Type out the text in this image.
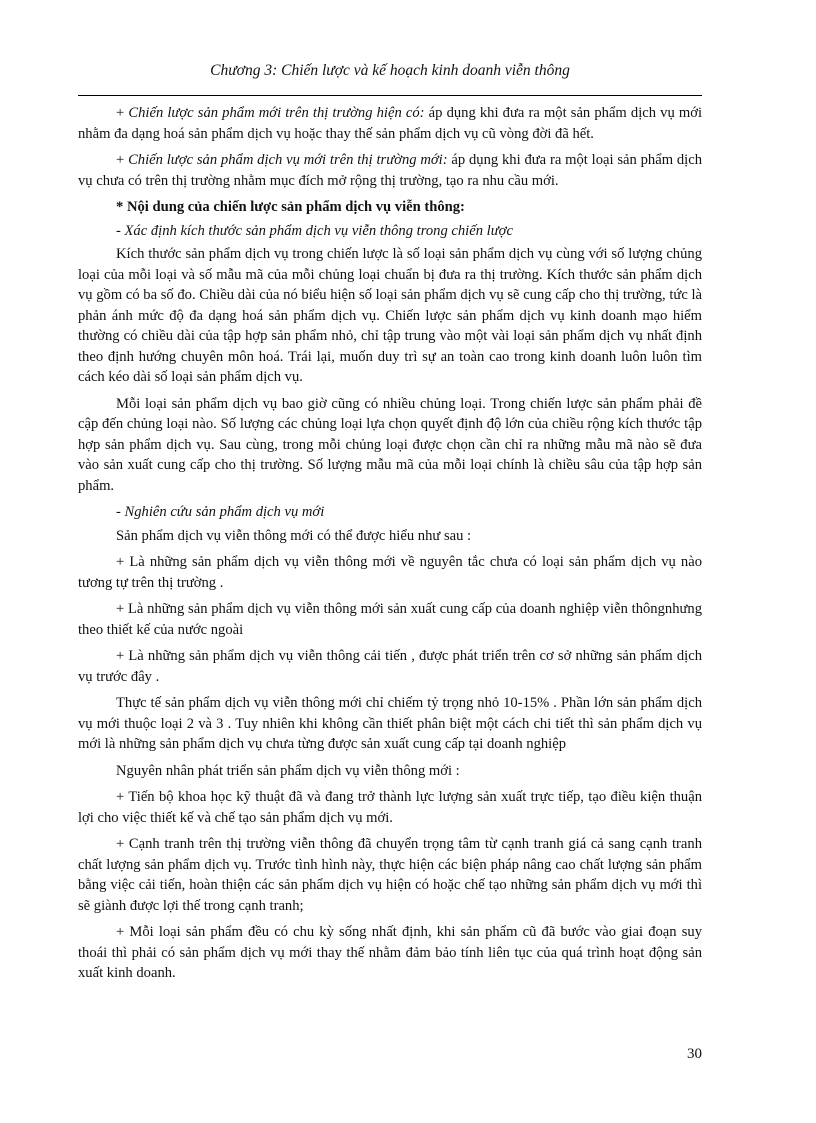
Chương 3: Chiến lược và kế hoạch kinh doanh viễn thông

+ Chiến lược sản phẩm mới trên thị trường hiện có: áp dụng khi đưa ra một sản phẩm dịch vụ mới nhằm đa dạng hoá sản phẩm dịch vụ hoặc thay thế sản phẩm dịch vụ cũ vòng đời đã hết.

+ Chiến lược sản phẩm dịch vụ mới trên thị trường mới: áp dụng khi đưa ra một loại sản phẩm dịch vụ chưa có trên thị trường nhằm mục đích mở rộng thị trường, tạo ra nhu cầu mới.

* Nội dung của chiến lược sản phẩm dịch vụ viễn thông:

- Xác định kích thước sản phẩm dịch vụ viễn thông trong chiến lược

Kích thước sản phẩm dịch vụ trong chiến lược là số loại sản phẩm dịch vụ cùng với số lượng chủng loại của mỗi loại và số mẫu mã của mỗi chủng loại chuẩn bị đưa ra thị trường. Kích thước sản phẩm dịch vụ gồm có ba số đo. Chiều dài của nó biểu hiện số loại sản phẩm dịch vụ sẽ cung cấp cho thị trường, tức là phản ánh mức độ đa dạng hoá sản phẩm dịch vụ. Chiến lược sản phẩm dịch vụ kinh doanh mạo hiểm thường có chiều dài của tập hợp sản phẩm nhỏ, chỉ tập trung vào một vài loại sản phẩm dịch vụ nhất định theo định hướng chuyên môn hoá. Trái lại, muốn duy trì sự an toàn cao trong kinh doanh luôn luôn tìm cách kéo dài số loại sản phẩm dịch vụ.

Mỗi loại sản phẩm dịch vụ bao giờ cũng có nhiều chủng loại. Trong chiến lược sản phẩm phải đề cập đến chủng loại nào. Số lượng các chủng loại lựa chọn quyết định độ lớn của chiều rộng kích thước tập hợp sản phẩm dịch vụ. Sau cùng, trong mỗi chủng loại được chọn cần chỉ ra những mẫu mã nào sẽ đưa vào sản xuất cung cấp cho thị trường. Số lượng mẫu mã của mỗi loại chính là chiều sâu của tập hợp sản phẩm.

- Nghiên cứu sản phẩm dịch vụ mới

Sản phẩm dịch vụ viễn thông mới có thể được hiểu như sau :

+ Là những sản phẩm dịch vụ viễn thông mới về nguyên tắc chưa có loại sản phẩm dịch vụ nào tương tự trên thị trường .

+ Là những sản phẩm dịch vụ viễn thông mới sản xuất cung cấp của doanh nghiệp viễn thôngnhưng theo thiết kế của nước ngoài

+ Là những sản phẩm dịch vụ viễn thông cải tiến , được phát triển trên cơ sở những sản phẩm dịch vụ trước đây .

Thực tế sản phẩm dịch vụ viễn thông mới chỉ chiếm tỷ trọng nhỏ 10-15% . Phần lớn sản phẩm dịch vụ mới thuộc loại 2 và 3 . Tuy nhiên khi không cần thiết phân biệt một cách chi tiết thì sản phẩm dịch vụ mới là những sản phẩm dịch vụ chưa từng được sản xuất cung cấp tại doanh nghiệp

Nguyên nhân phát triển sản phẩm dịch vụ viễn thông mới :

+ Tiến bộ khoa học kỹ thuật đã và đang trở thành lực lượng sản xuất trực tiếp, tạo điều kiện thuận lợi cho việc thiết kế và chế tạo sản phẩm dịch vụ mới.

+ Cạnh tranh trên thị trường viễn thông đã chuyển trọng tâm từ cạnh tranh giá cả sang cạnh tranh chất lượng sản phẩm dịch vụ. Trước tình hình này, thực hiện các biện pháp nâng cao chất lượng sản phẩm bằng việc cải tiến, hoàn thiện các sản phẩm dịch vụ hiện có hoặc chế tạo những sản phẩm dịch vụ mới thì sẽ giành được lợi thế trong cạnh tranh;

+ Mỗi loại sản phẩm đều có chu kỳ sống nhất định, khi sản phẩm cũ đã bước vào giai đoạn suy thoái thì phải có sản phẩm dịch vụ mới thay thế nhằm đảm bảo tính liên tục của quá trình hoạt động sản xuất kinh doanh.

30
